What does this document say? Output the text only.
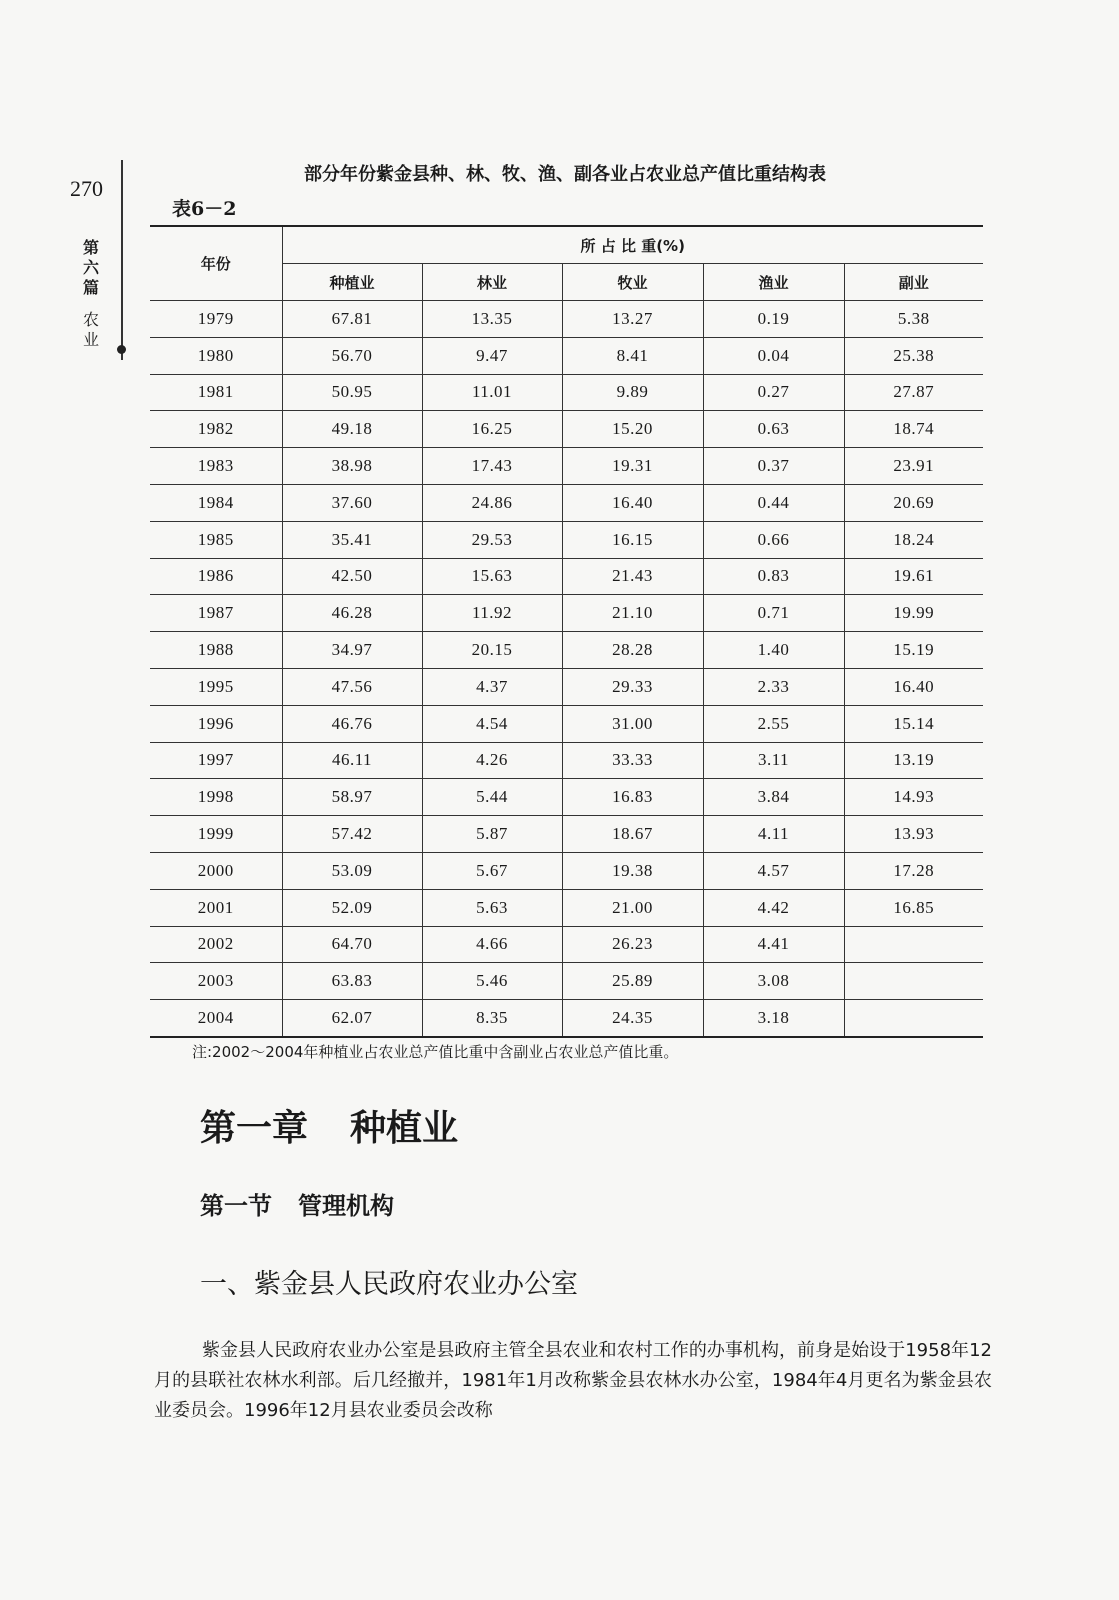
270
第六篇
农业
部分年份紫金县种、林、牧、渔、副各业占农业总产值比重结构表
表6－2
年份	所 占 比 重(%)				
	种植业	林业	牧业	渔业	副业
1979	67.81	13.35	13.27	0.19	5.38
1980	56.70	9.47	8.41	0.04	25.38
1981	50.95	11.01	9.89	0.27	27.87
1982	49.18	16.25	15.20	0.63	18.74
1983	38.98	17.43	19.31	0.37	23.91
1984	37.60	24.86	16.40	0.44	20.69
1985	35.41	29.53	16.15	0.66	18.24
1986	42.50	15.63	21.43	0.83	19.61
1987	46.28	11.92	21.10	0.71	19.99
1988	34.97	20.15	28.28	1.40	15.19
1995	47.56	4.37	29.33	2.33	16.40
1996	46.76	4.54	31.00	2.55	15.14
1997	46.11	4.26	33.33	3.11	13.19
1998	58.97	5.44	16.83	3.84	14.93
1999	57.42	5.87	18.67	4.11	13.93
2000	53.09	5.67	19.38	4.57	17.28
2001	52.09	5.63	21.00	4.42	16.85
2002	64.70	4.66	26.23	4.41	
2003	63.83	5.46	25.89	3.08	
2004	62.07	8.35	24.35	3.18	
注:2002～2004年种植业占农业总产值比重中含副业占农业总产值比重。
第一章 种植业
第一节 管理机构
一、紫金县人民政府农业办公室
紫金县人民政府农业办公室是县政府主管全县农业和农村工作的办事机构，前身是始设于1958年12月的县联社农林水利部。后几经撤并，1981年1月改称紫金县农林水办公室，1984年4月更名为紫金县农业委员会。1996年12月县农业委员会改称
